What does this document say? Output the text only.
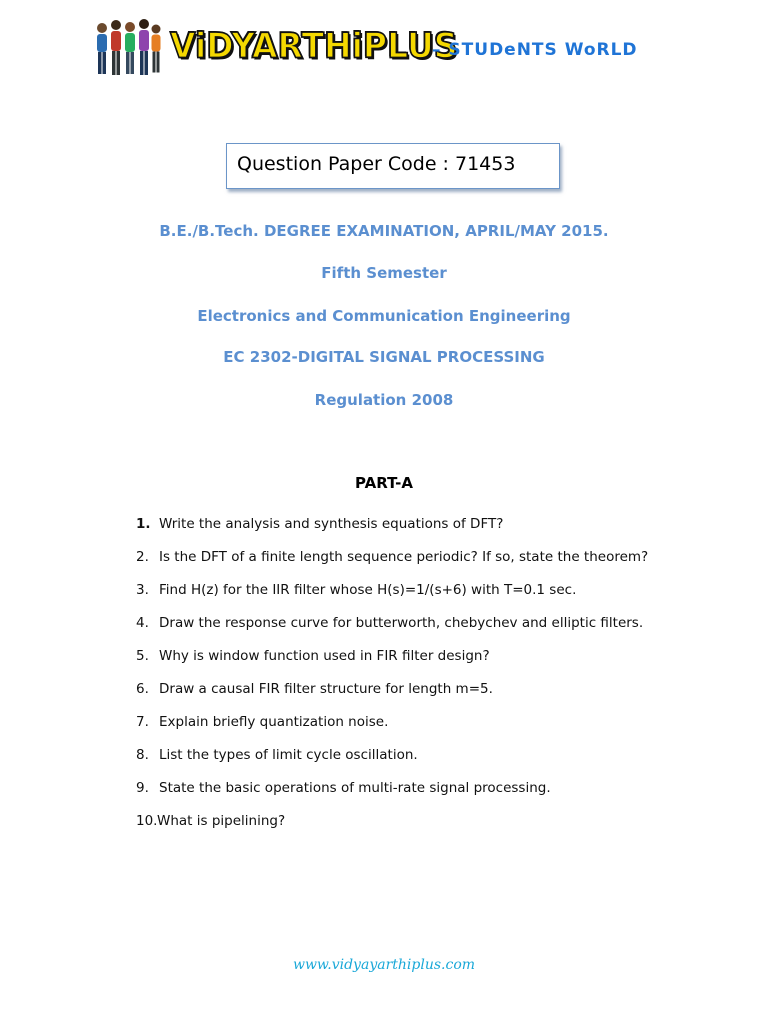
ViDYARTHiPLUS
– STUDeNTS WoRLD
Question Paper Code : 71453
B.E./B.Tech. DEGREE EXAMINATION, APRIL/MAY 2015.
Fifth Semester
Electronics and Communication Engineering
EC 2302-DIGITAL SIGNAL PROCESSING
Regulation 2008
PART-A
1. Write the analysis and synthesis equations of DFT?
2. Is the DFT of a finite length sequence periodic? If so, state the theorem?
3. Find H(z) for the IIR filter whose H(s)=1/(s+6) with T=0.1 sec.
4. Draw the response curve for butterworth, chebychev and elliptic filters.
5. Why is window function used in FIR filter design?
6. Draw a causal FIR filter structure for length m=5.
7. Explain briefly quantization noise.
8. List the types of limit cycle oscillation.
9. State the basic operations of multi-rate signal processing.
10. What is pipelining?
www.vidyayarthiplus.com
